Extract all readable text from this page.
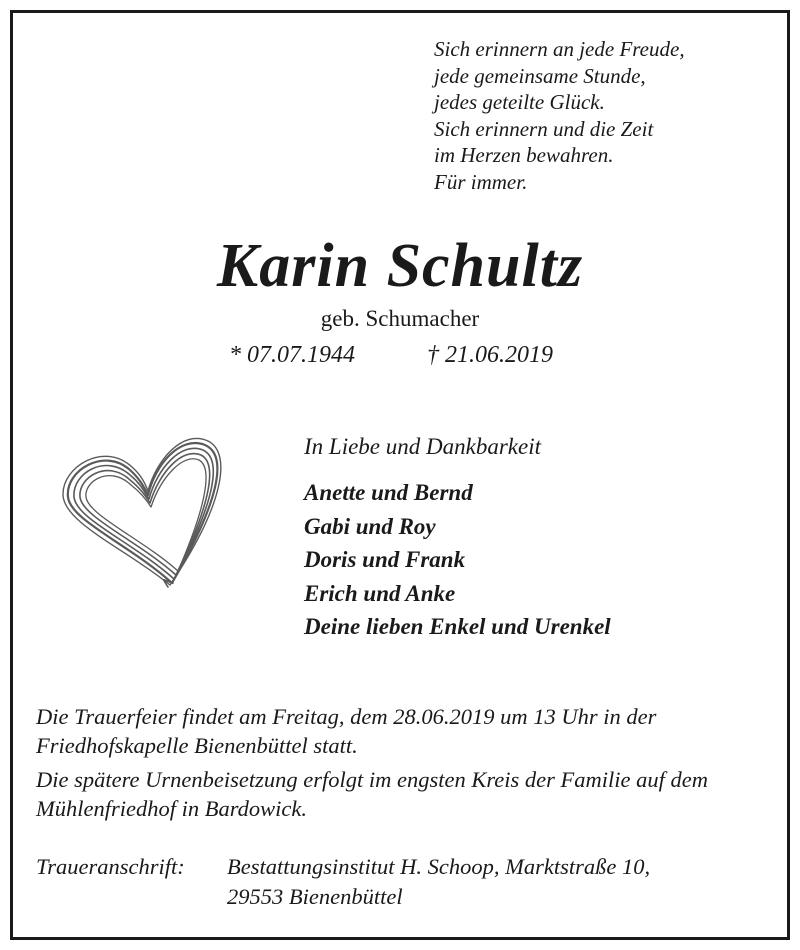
Sich erinnern an jede Freude,
jede gemeinsame Stunde,
jedes geteilte Glück.
Sich erinnern und die Zeit
im Herzen bewahren.
Für immer.
Karin Schultz
geb. Schumacher
* 07.07.1944	† 21.06.2019
In Liebe und Dankbarkeit
Anette und Bernd
Gabi und Roy
Doris und Frank
Erich und Anke
Deine lieben Enkel und Urenkel

Die Trauerfeier findet am Freitag, dem 28.06.2019 um 13 Uhr in der Friedhofskapelle Bienenbüttel statt.

Die spätere Urnenbeisetzung erfolgt im engsten Kreis der Familie auf dem Mühlenfriedhof in Bardowick.

Traueranschrift: Bestattungsinstitut H. Schoop, Marktstraße 10,
29553 Bienenbüttel
